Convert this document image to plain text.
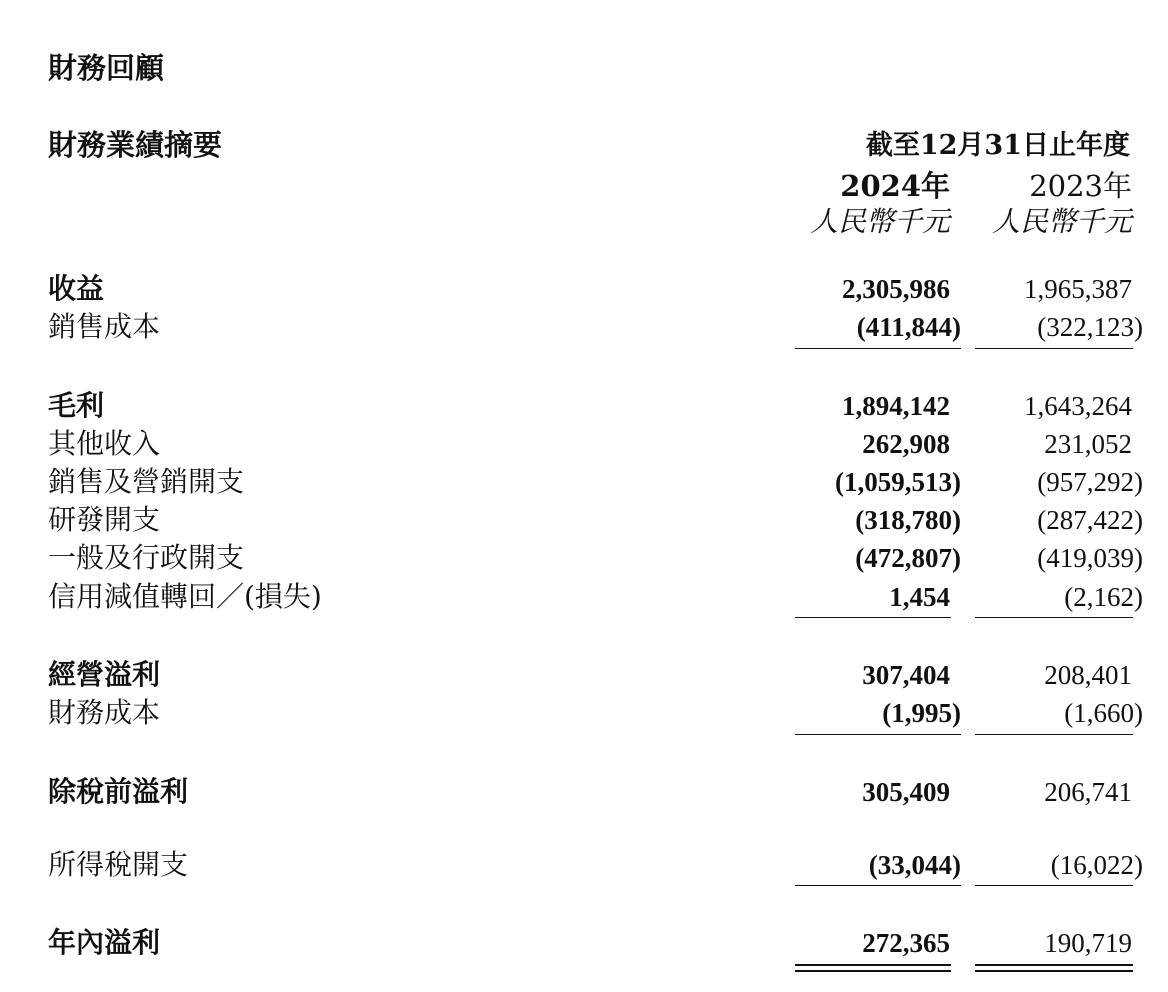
財務回顧
財務業績摘要	截至12月31日止年度
2024年	2023年
人民幣千元 人民幣千元
收益	2,305,986	1,965,387
銷售成本	(411,844)	(322,123)
毛利	1,894,142	1,643,264
其他收入	262,908	231,052
銷售及營銷開支	(1,059,513)	(957,292)
研發開支	(318,780)	(287,422)
一般及行政開支	(472,807)	(419,039)
信用減值轉回／(損失)	1,454	(2,162)
經營溢利	307,404	208,401
財務成本	(1,995)	(1,660)
除稅前溢利	305,409	206,741
所得稅開支	(33,044)	(16,022)
年內溢利	272,365	190,719
